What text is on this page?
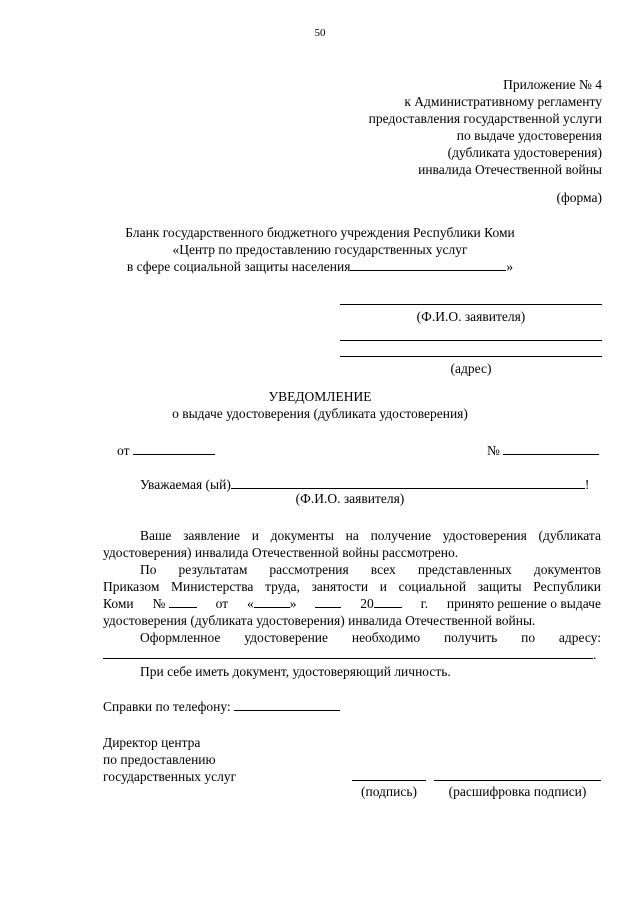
50
Приложение № 4
к Административному регламенту
предоставления государственной услуги
по выдаче удостоверения
(дубликата удостоверения)
инвалида Отечественной войны
(форма)
Бланк государственного бюджетного учреждения Республики Коми
«Центр по предоставлению государственных услуг
в сфере социальной защиты населения	»
(Ф.И.О. заявителя)
(адрес)
УВЕДОМЛЕНИЕ
о выдаче удостоверения (дубликата удостоверения)
от	№
Уважаемая (ый)	!
(Ф.И.О. заявителя)
Ваше заявление и документы на получение удостоверения (дубликата удостоверения) инвалида Отечественной войны рассмотрено.
По результатам рассмотрения всех представленных документов
Приказом Министерства труда, занятости и социальной защиты Республики
Коми №	от «	»	20	г. принято решение о выдаче
удостоверения (дубликата удостоверения) инвалида Отечественной войны.
Оформленное удостоверение необходимо получить по адресу:
.
При себе иметь документ, удостоверяющий личность.
Справки по телефону:
Директор центра
по предоставлению
государственных услуг
(подпись)	(расшифровка подписи)
